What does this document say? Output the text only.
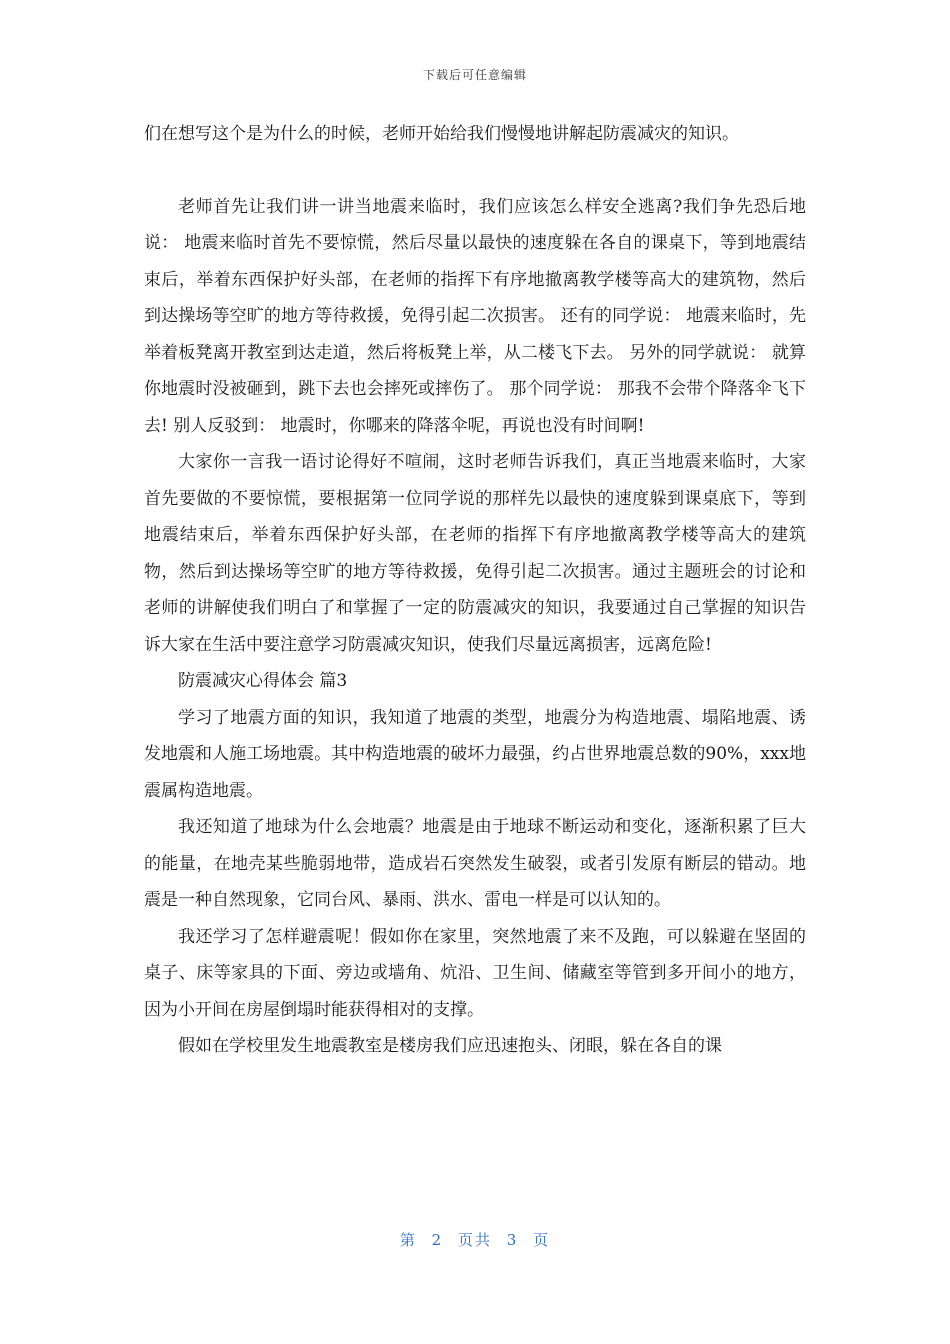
下载后可任意编辑

们在想写这个是为什么的时候，老师开始给我们慢慢地讲解起防震减灾的知识。

老师首先让我们讲一讲当地震来临时，我们应该怎么样安全逃离?我们争先恐后地说： 地震来临时首先不要惊慌，然后尽量以最快的速度躲在各自的课桌下，等到地震结束后，举着东西保护好头部，在老师的指挥下有序地撤离教学楼等高大的建筑物，然后到达操场等空旷的地方等待救援，免得引起二次损害。 还有的同学说： 地震来临时，先举着板凳离开教室到达走道，然后将板凳上举，从二楼飞下去。 另外的同学就说： 就算你地震时没被砸到，跳下去也会摔死或摔伤了。 那个同学说： 那我不会带个降落伞飞下去! 别人反驳到： 地震时，你哪来的降落伞呢，再说也没有时间啊!

大家你一言我一语讨论得好不喧闹，这时老师告诉我们，真正当地震来临时，大家首先要做的不要惊慌，要根据第一位同学说的那样先以最快的速度躲到课桌底下，等到地震结束后，举着东西保护好头部，在老师的指挥下有序地撤离教学楼等高大的建筑物，然后到达操场等空旷的地方等待救援，免得引起二次损害。通过主题班会的讨论和老师的讲解使我们明白了和掌握了一定的防震减灾的知识，我要通过自己掌握的知识告诉大家在生活中要注意学习防震减灾知识，使我们尽量远离损害，远离危险!

防震减灾心得体会 篇3

学习了地震方面的知识，我知道了地震的类型，地震分为构造地震、塌陷地震、诱发地震和人施工场地震。其中构造地震的破坏力最强，约占世界地震总数的90%，xxx地震属构造地震。

我还知道了地球为什么会地震？地震是由于地球不断运动和变化，逐渐积累了巨大的能量，在地壳某些脆弱地带，造成岩石突然发生破裂，或者引发原有断层的错动。地震是一种自然现象，它同台风、暴雨、洪水、雷电一样是可以认知的。

我还学习了怎样避震呢！假如你在家里，突然地震了来不及跑，可以躲避在坚固的桌子、床等家具的下面、旁边或墙角、炕沿、卫生间、储藏室等管到多开间小的地方，因为小开间在房屋倒塌时能获得相对的支撑。

假如在学校里发生地震教室是楼房我们应迅速抱头、闭眼，躲在各自的课

第 2 页共 3 页
